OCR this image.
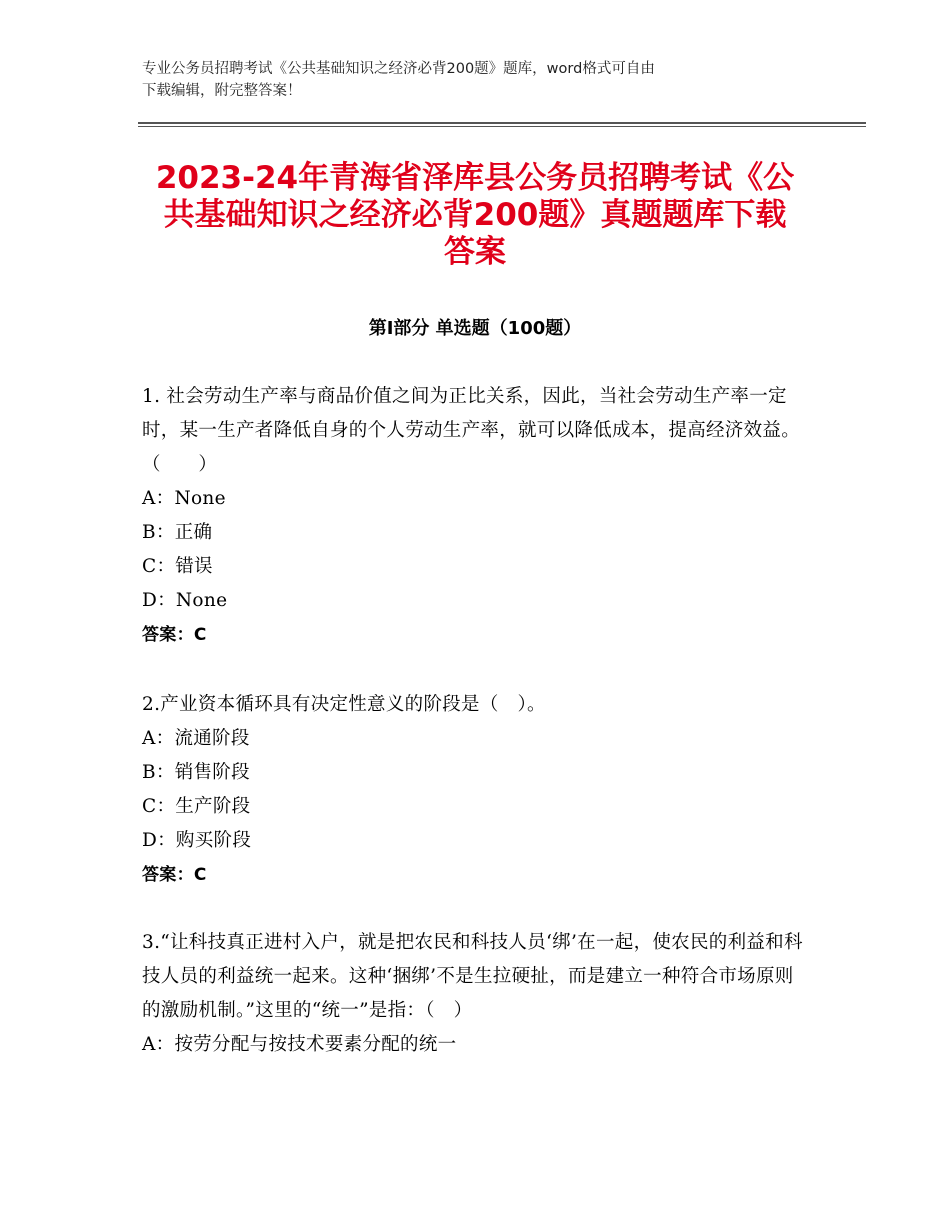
专业公务员招聘考试《公共基础知识之经济必背200题》题库，word格式可自由
下载编辑，附完整答案！
2023-24年青海省泽库县公务员招聘考试《公共基础知识之经济必背200题》真题题库下载答案
第Ⅰ部分 单选题（100题）
1. 社会劳动生产率与商品价值之间为正比关系，因此，当社会劳动生产率一定时，某一生产者降低自身的个人劳动生产率，就可以降低成本，提高经济效益。（　　）
A：None
B：正确
C：错误
D：None
答案：C
2.产业资本循环具有决定性意义的阶段是（　）。
A：流通阶段
B：销售阶段
C：生产阶段
D：购买阶段
答案：C
3.“让科技真正进村入户，就是把农民和科技人员‘绑’在一起，使农民的利益和科技人员的利益统一起来。这种‘捆绑’不是生拉硬扯，而是建立一种符合市场原则的激励机制。”这里的“统一”是指：（　）
A：按劳分配与按技术要素分配的统一
